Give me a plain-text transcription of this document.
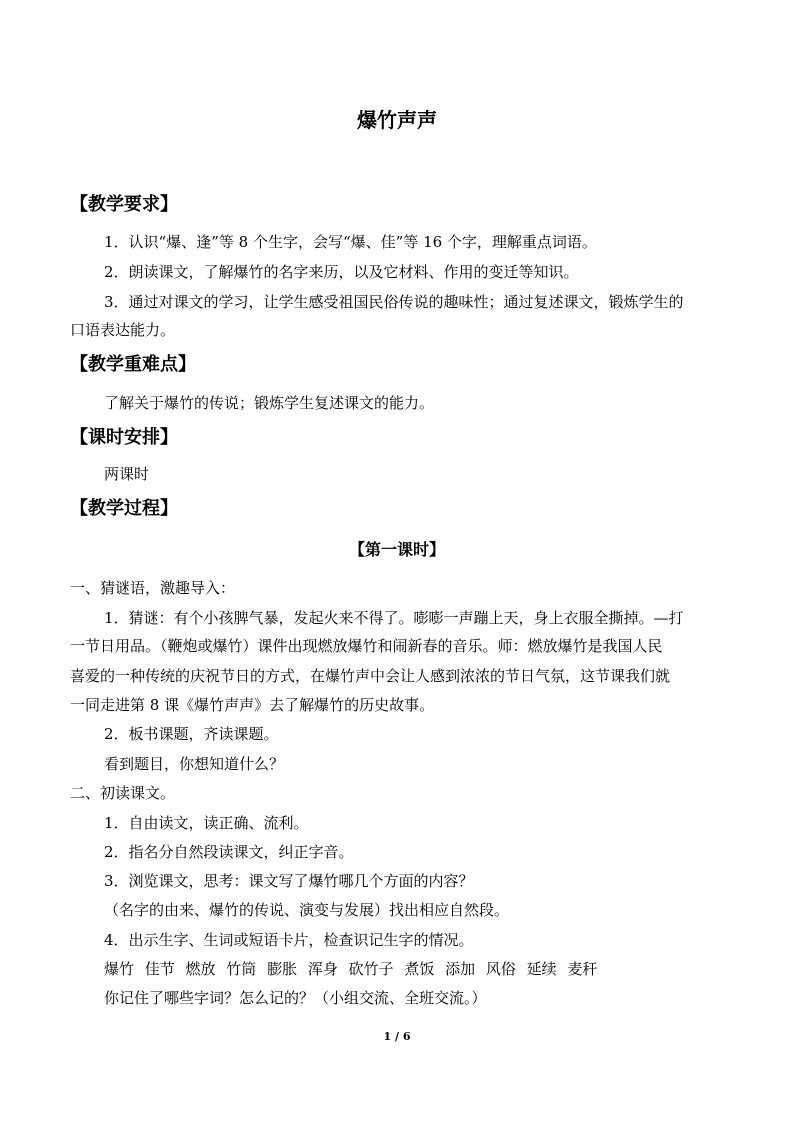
爆竹声声
【教学要求】
1．认识“爆、逢”等 8 个生字，会写“爆、佳”等 16 个字，理解重点词语。
2．朗读课文，了解爆竹的名字来历，以及它材料、作用的变迁等知识。
3．通过对课文的学习，让学生感受祖国民俗传说的趣味性；通过复述课文，锻炼学生的
口语表达能力。
【教学重难点】
了解关于爆竹的传说；锻炼学生复述课文的能力。
【课时安排】
两课时
【教学过程】
【第一课时】
一、猜谜语，激趣导入：
1．猜谜：有个小孩脾气暴，发起火来不得了。嘭嘭一声蹦上天，身上衣服全撕掉。—打
一节日用品。（鞭炮或爆竹）课件出现燃放爆竹和闹新春的音乐。师：燃放爆竹是我国人民
喜爱的一种传统的庆祝节日的方式，在爆竹声中会让人感到浓浓的节日气氛，这节课我们就
一同走进第 8 课《爆竹声声》去了解爆竹的历史故事。
2．板书课题，齐读课题。
看到题目，你想知道什么？
二、初读课文。
1．自由读文，读正确、流利。
2．指名分自然段读课文，纠正字音。
3．浏览课文，思考：课文写了爆竹哪几个方面的内容？
（名字的由来、爆竹的传说、演变与发展）找出相应自然段。
4．出示生字、生词或短语卡片，检查识记生字的情况。
爆竹 佳节 燃放 竹筒 膨胀 浑身 砍竹子 煮饭 添加 风俗 延续 麦秆
你记住了哪些字词？怎么记的？（小组交流、全班交流。）
1 / 6
